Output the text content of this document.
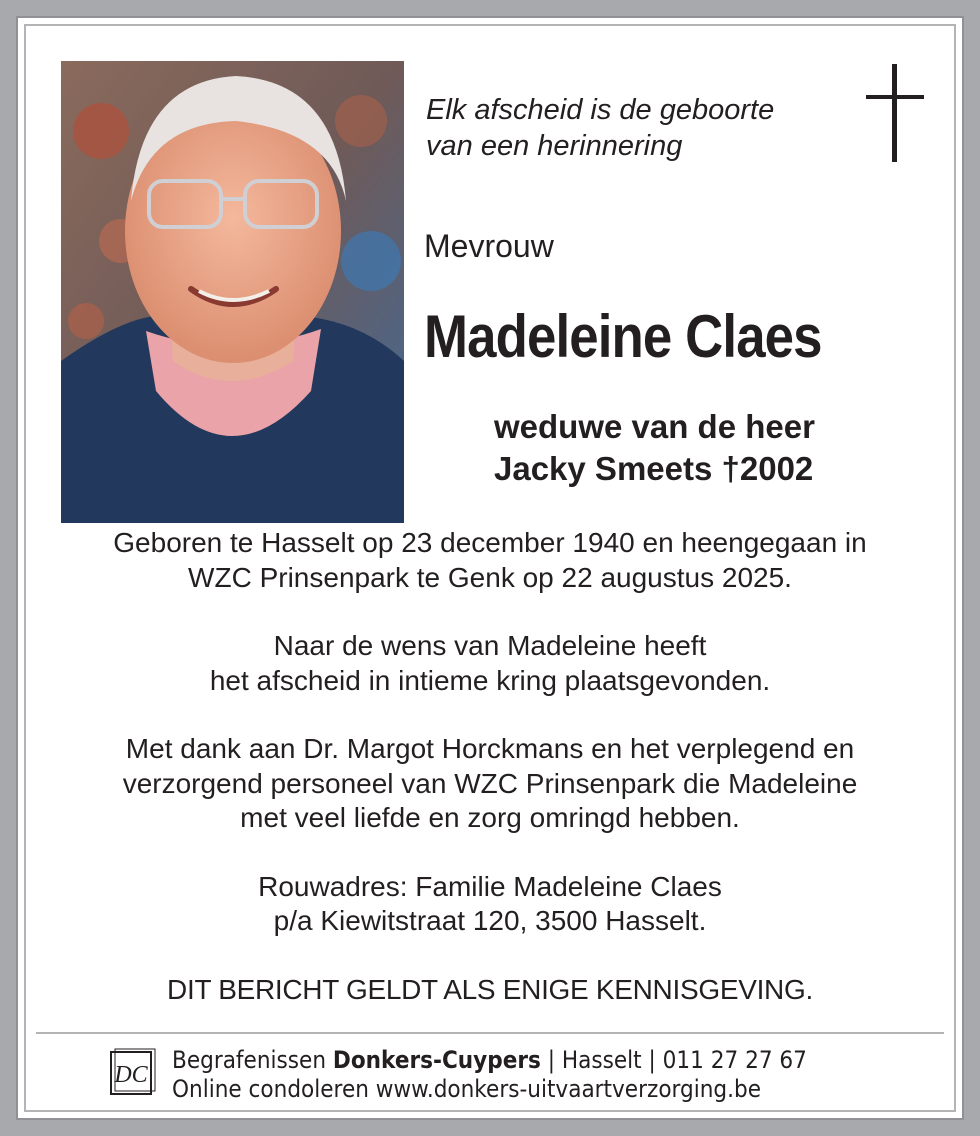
Elk afscheid is de geboorte
van een herinnering
Mevrouw
Madeleine Claes
weduwe van de heer
Jacky Smeets †2002
Geboren te Hasselt op 23 december 1940 en heengegaan in
WZC Prinsenpark te Genk op 22 augustus 2025.
Naar de wens van Madeleine heeft
het afscheid in intieme kring plaatsgevonden.
Met dank aan Dr. Margot Horckmans en het verplegend en
verzorgend personeel van WZC Prinsenpark die Madeleine
met veel liefde en zorg omringd hebben.
Rouwadres: Familie Madeleine Claes
p/a Kiewitstraat 120, 3500 Hasselt.
DIT BERICHT GELDT ALS ENIGE KENNISGEVING.
DC
Begrafenissen Donkers-Cuypers | Hasselt | 011 27 27 67
Online condoleren www.donkers-uitvaartverzorging.be
